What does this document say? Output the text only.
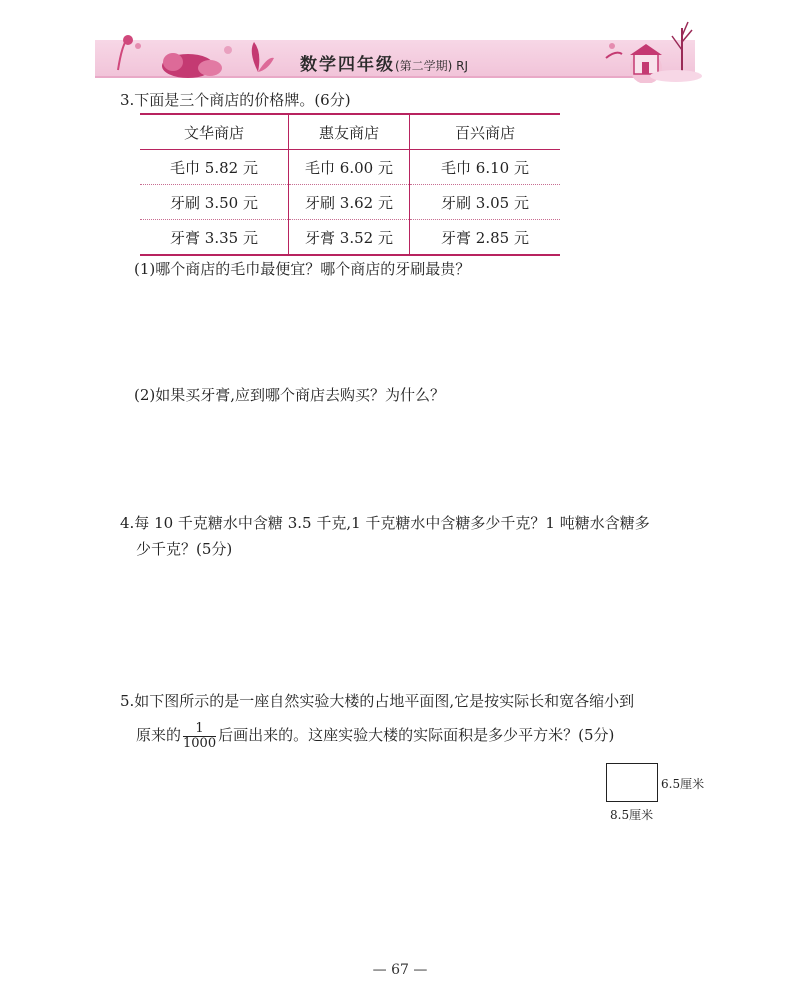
数学四年级(第二学期) RJ
3.下面是三个商店的价格牌。(6分)
文华商店	惠友商店	百兴商店
毛巾 5.82 元	毛巾 6.00 元	毛巾 6.10 元
牙刷 3.50 元	牙刷 3.62 元	牙刷 3.05 元
牙膏 3.35 元	牙膏 3.52 元	牙膏 2.85 元
(1)哪个商店的毛巾最便宜？哪个商店的牙刷最贵？
(2)如果买牙膏,应到哪个商店去购买？为什么？
4.每 10 千克糖水中含糖 3.5 千克,1 千克糖水中含糖多少千克？1 吨糖水含糖多
少千克？(5分)
5.如下图所示的是一座自然实验大楼的占地平面图,它是按实际长和宽各缩小到
原来的 $\frac{1}{1000}$ 后画出来的。这座实验大楼的实际面积是多少平方米？(5分)
6.5厘米
8.5厘米
— 67 —
